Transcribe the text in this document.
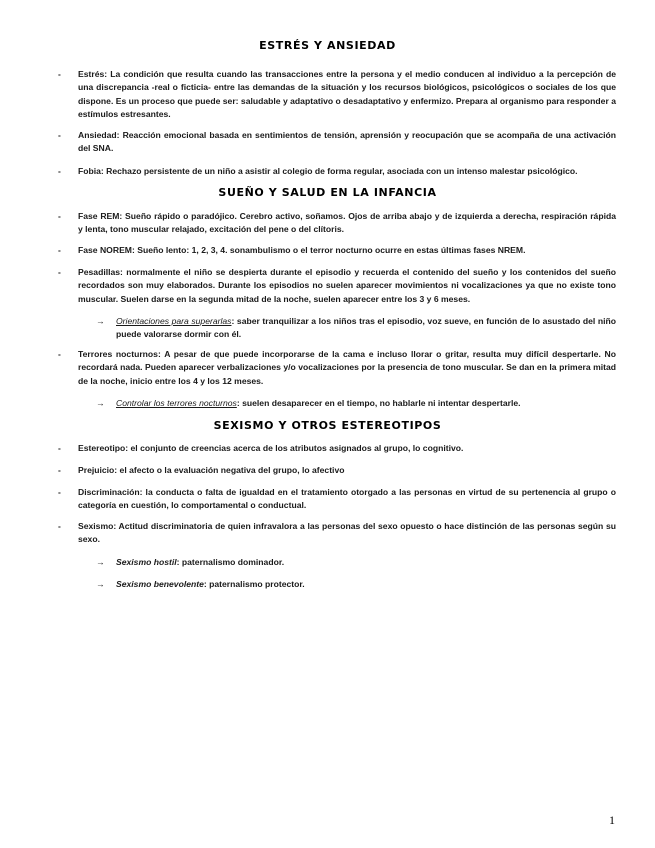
ESTRÉS Y ANSIEDAD
- Estrés: La condición que resulta cuando las transacciones entre la persona y el medio conducen al individuo a la percepción de una discrepancia -real o ficticia- entre las demandas de la situación y los recursos biológicos, psicológicos o sociales de los que dispone. Es un proceso que puede ser: saludable y adaptativo o desadaptativo y enfermizo. Prepara al organismo para responder a estímulos estresantes.
- Ansiedad: Reacción emocional basada en sentimientos de tensión, aprensión y reocupación que se acompaña de una activación del SNA.
- Fobia: Rechazo persistente de un niño a asistir al colegio de forma regular, asociada con un intenso malestar psicológico.
SUEÑO Y SALUD EN LA INFANCIA
- Fase REM: Sueño rápido o paradójico. Cerebro activo, soñamos. Ojos de arriba abajo y de izquierda a derecha, respiración rápida y lenta, tono muscular relajado, excitación del pene o del clítoris.
- Fase NOREM: Sueño lento: 1, 2, 3, 4. sonambulismo o el terror nocturno ocurre en estas últimas fases NREM.
- Pesadillas: normalmente el niño se despierta durante el episodio y recuerda el contenido del sueño y los contenidos del sueño recordados son muy elaborados. Durante los episodios no suelen aparecer movimientos ni vocalizaciones ya que no existe tono muscular. Suelen darse en la segunda mitad de la noche, suelen aparecer entre los 3 y 6 meses.
→ Orientaciones para superarlas: saber tranquilizar a los niños tras el episodio, voz sueve, en función de lo asustado del niño puede valorarse dormir con él.
- Terrores nocturnos: A pesar de que puede incorporarse de la cama e incluso llorar o gritar, resulta muy difícil despertarle. No recordará nada. Pueden aparecer verbalizaciones y/o vocalizaciones por la presencia de tono muscular. Se dan en la primera mitad de la noche, inicio entre los 4 y los 12 meses.
→ Controlar los terrores nocturnos: suelen desaparecer en el tiempo, no hablarle ni intentar despertarle.
SEXISMO Y OTROS ESTEREOTIPOS
- Estereotipo: el conjunto de creencias acerca de los atributos asignados al grupo, lo cognitivo.
- Prejuicio: el afecto o la evaluación negativa del grupo, lo afectivo
- Discriminación: la conducta o falta de igualdad en el tratamiento otorgado a las personas en virtud de su pertenencia al grupo o categoría en cuestión, lo comportamental o conductual.
- Sexismo: Actitud discriminatoria de quien infravalora a las personas del sexo opuesto o hace distinción de las personas según su sexo.
→ Sexismo hostil: paternalismo dominador.
→ Sexismo benevolente: paternalismo protector.
1
